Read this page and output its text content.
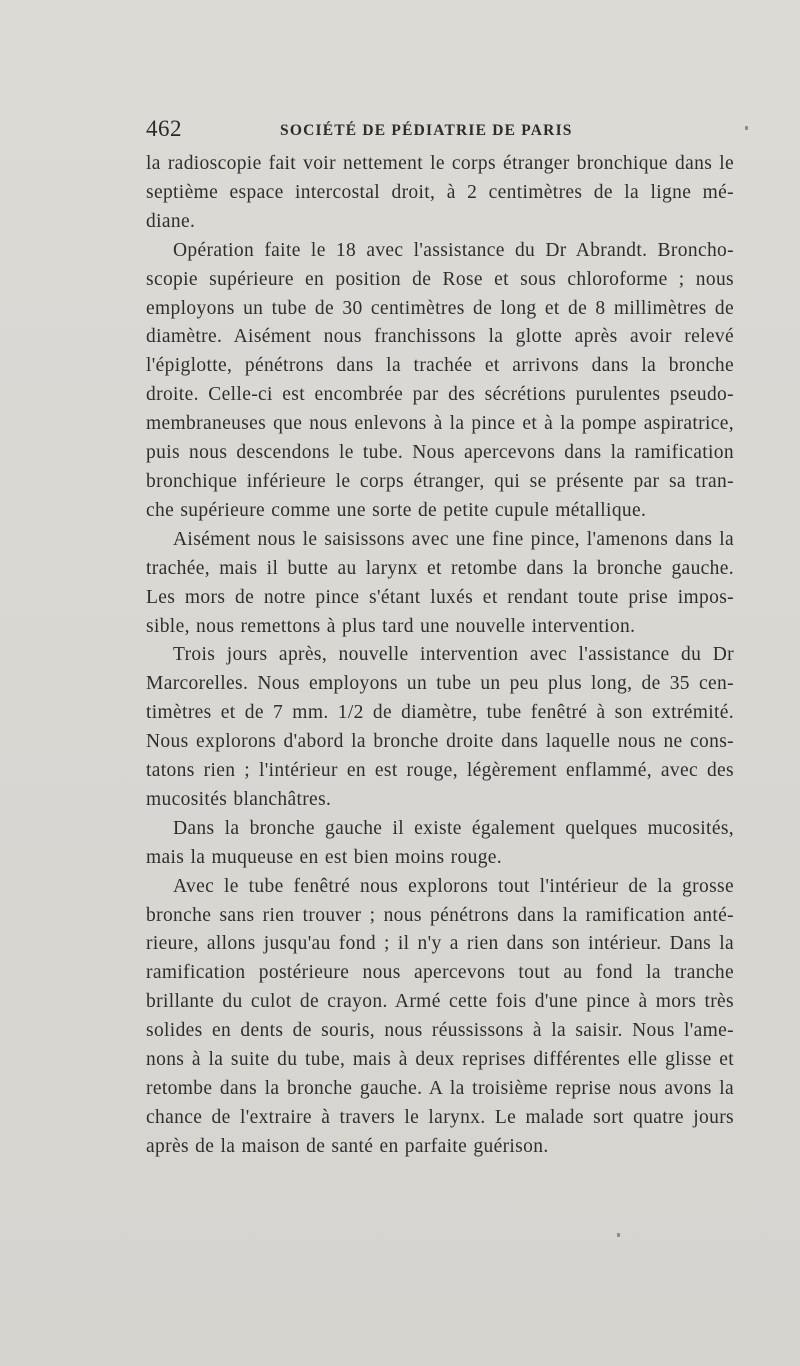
462	SOCIÉTÉ DE PÉDIATRIE DE PARIS

la radioscopie fait voir nettement le corps étranger bronchique dans le septième espace intercostal droit, à 2 centimètres de la ligne mé- diane.

Opération faite le 18 avec l'assistance du Dr Abrandt. Broncho- scopie supérieure en position de Rose et sous chloroforme ; nous employons un tube de 30 centimètres de long et de 8 millimètres de diamètre. Aisément nous franchissons la glotte après avoir relevé l'épiglotte, pénétrons dans la trachée et arrivons dans la bronche droite. Celle-ci est encombrée par des sécrétions purulentes pseudo- membraneuses que nous enlevons à la pince et à la pompe aspiratrice, puis nous descendons le tube. Nous apercevons dans la ramification bronchique inférieure le corps étranger, qui se présente par sa tran- che supérieure comme une sorte de petite cupule métallique.

Aisément nous le saisissons avec une fine pince, l'amenons dans la trachée, mais il butte au larynx et retombe dans la bronche gauche. Les mors de notre pince s'étant luxés et rendant toute prise impos- sible, nous remettons à plus tard une nouvelle intervention.

Trois jours après, nouvelle intervention avec l'assistance du Dr Marcorelles. Nous employons un tube un peu plus long, de 35 cen- timètres et de 7 mm. 1/2 de diamètre, tube fenêtré à son extrémité. Nous explorons d'abord la bronche droite dans laquelle nous ne cons- tatons rien ; l'intérieur en est rouge, légèrement enflammé, avec des mucosités blanchâtres.

Dans la bronche gauche il existe également quelques mucosités, mais la muqueuse en est bien moins rouge.

Avec le tube fenêtré nous explorons tout l'intérieur de la grosse bronche sans rien trouver ; nous pénétrons dans la ramification anté- rieure, allons jusqu'au fond ; il n'y a rien dans son intérieur. Dans la ramification postérieure nous apercevons tout au fond la tranche brillante du culot de crayon. Armé cette fois d'une pince à mors très solides en dents de souris, nous réussissons à la saisir. Nous l'ame- nons à la suite du tube, mais à deux reprises différentes elle glisse et retombe dans la bronche gauche. A la troisième reprise nous avons la chance de l'extraire à travers le larynx. Le malade sort quatre jours après de la maison de santé en parfaite guérison.
